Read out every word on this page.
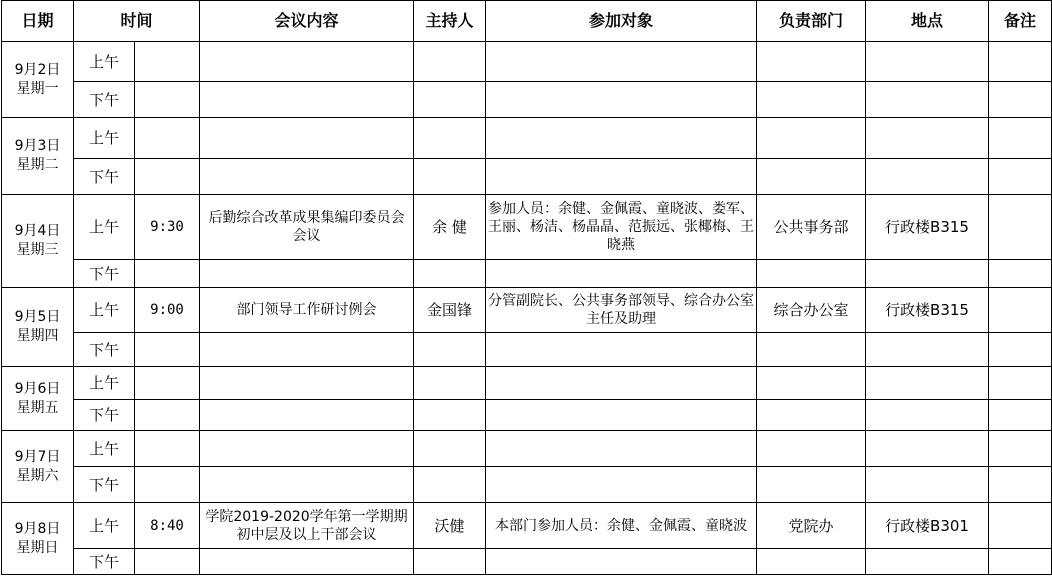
日期	时间		会议内容	主持人	参加对象	负责部门	地点	备注
9月2日
星期一	上午							
	下午							
9月3日
星期二	上午							
	下午							
9月4日
星期三	上午	9:30	后勤综合改革成果集编印委员会会议	余 健	参加人员：余健、金佩霞、童晓波、娄军、王丽、杨洁、杨晶晶、范振远、张椰梅、王晓燕	公共事务部	行政楼B315	
	下午							
9月5日
星期四	上午	9:00	部门领导工作研讨例会	金国锋	分管副院长、公共事务部领导、综合办公室主任及助理	综合办公室	行政楼B315	
	下午							
9月6日
星期五	上午							
	下午							
9月7日
星期六	上午							
	下午							
9月8日
星期日	上午	8:40	学院2019-2020学年第一学期期初中层及以上干部会议	沃健	本部门参加人员：余健、金佩霞、童晓波	党院办	行政楼B301	
	下午							
